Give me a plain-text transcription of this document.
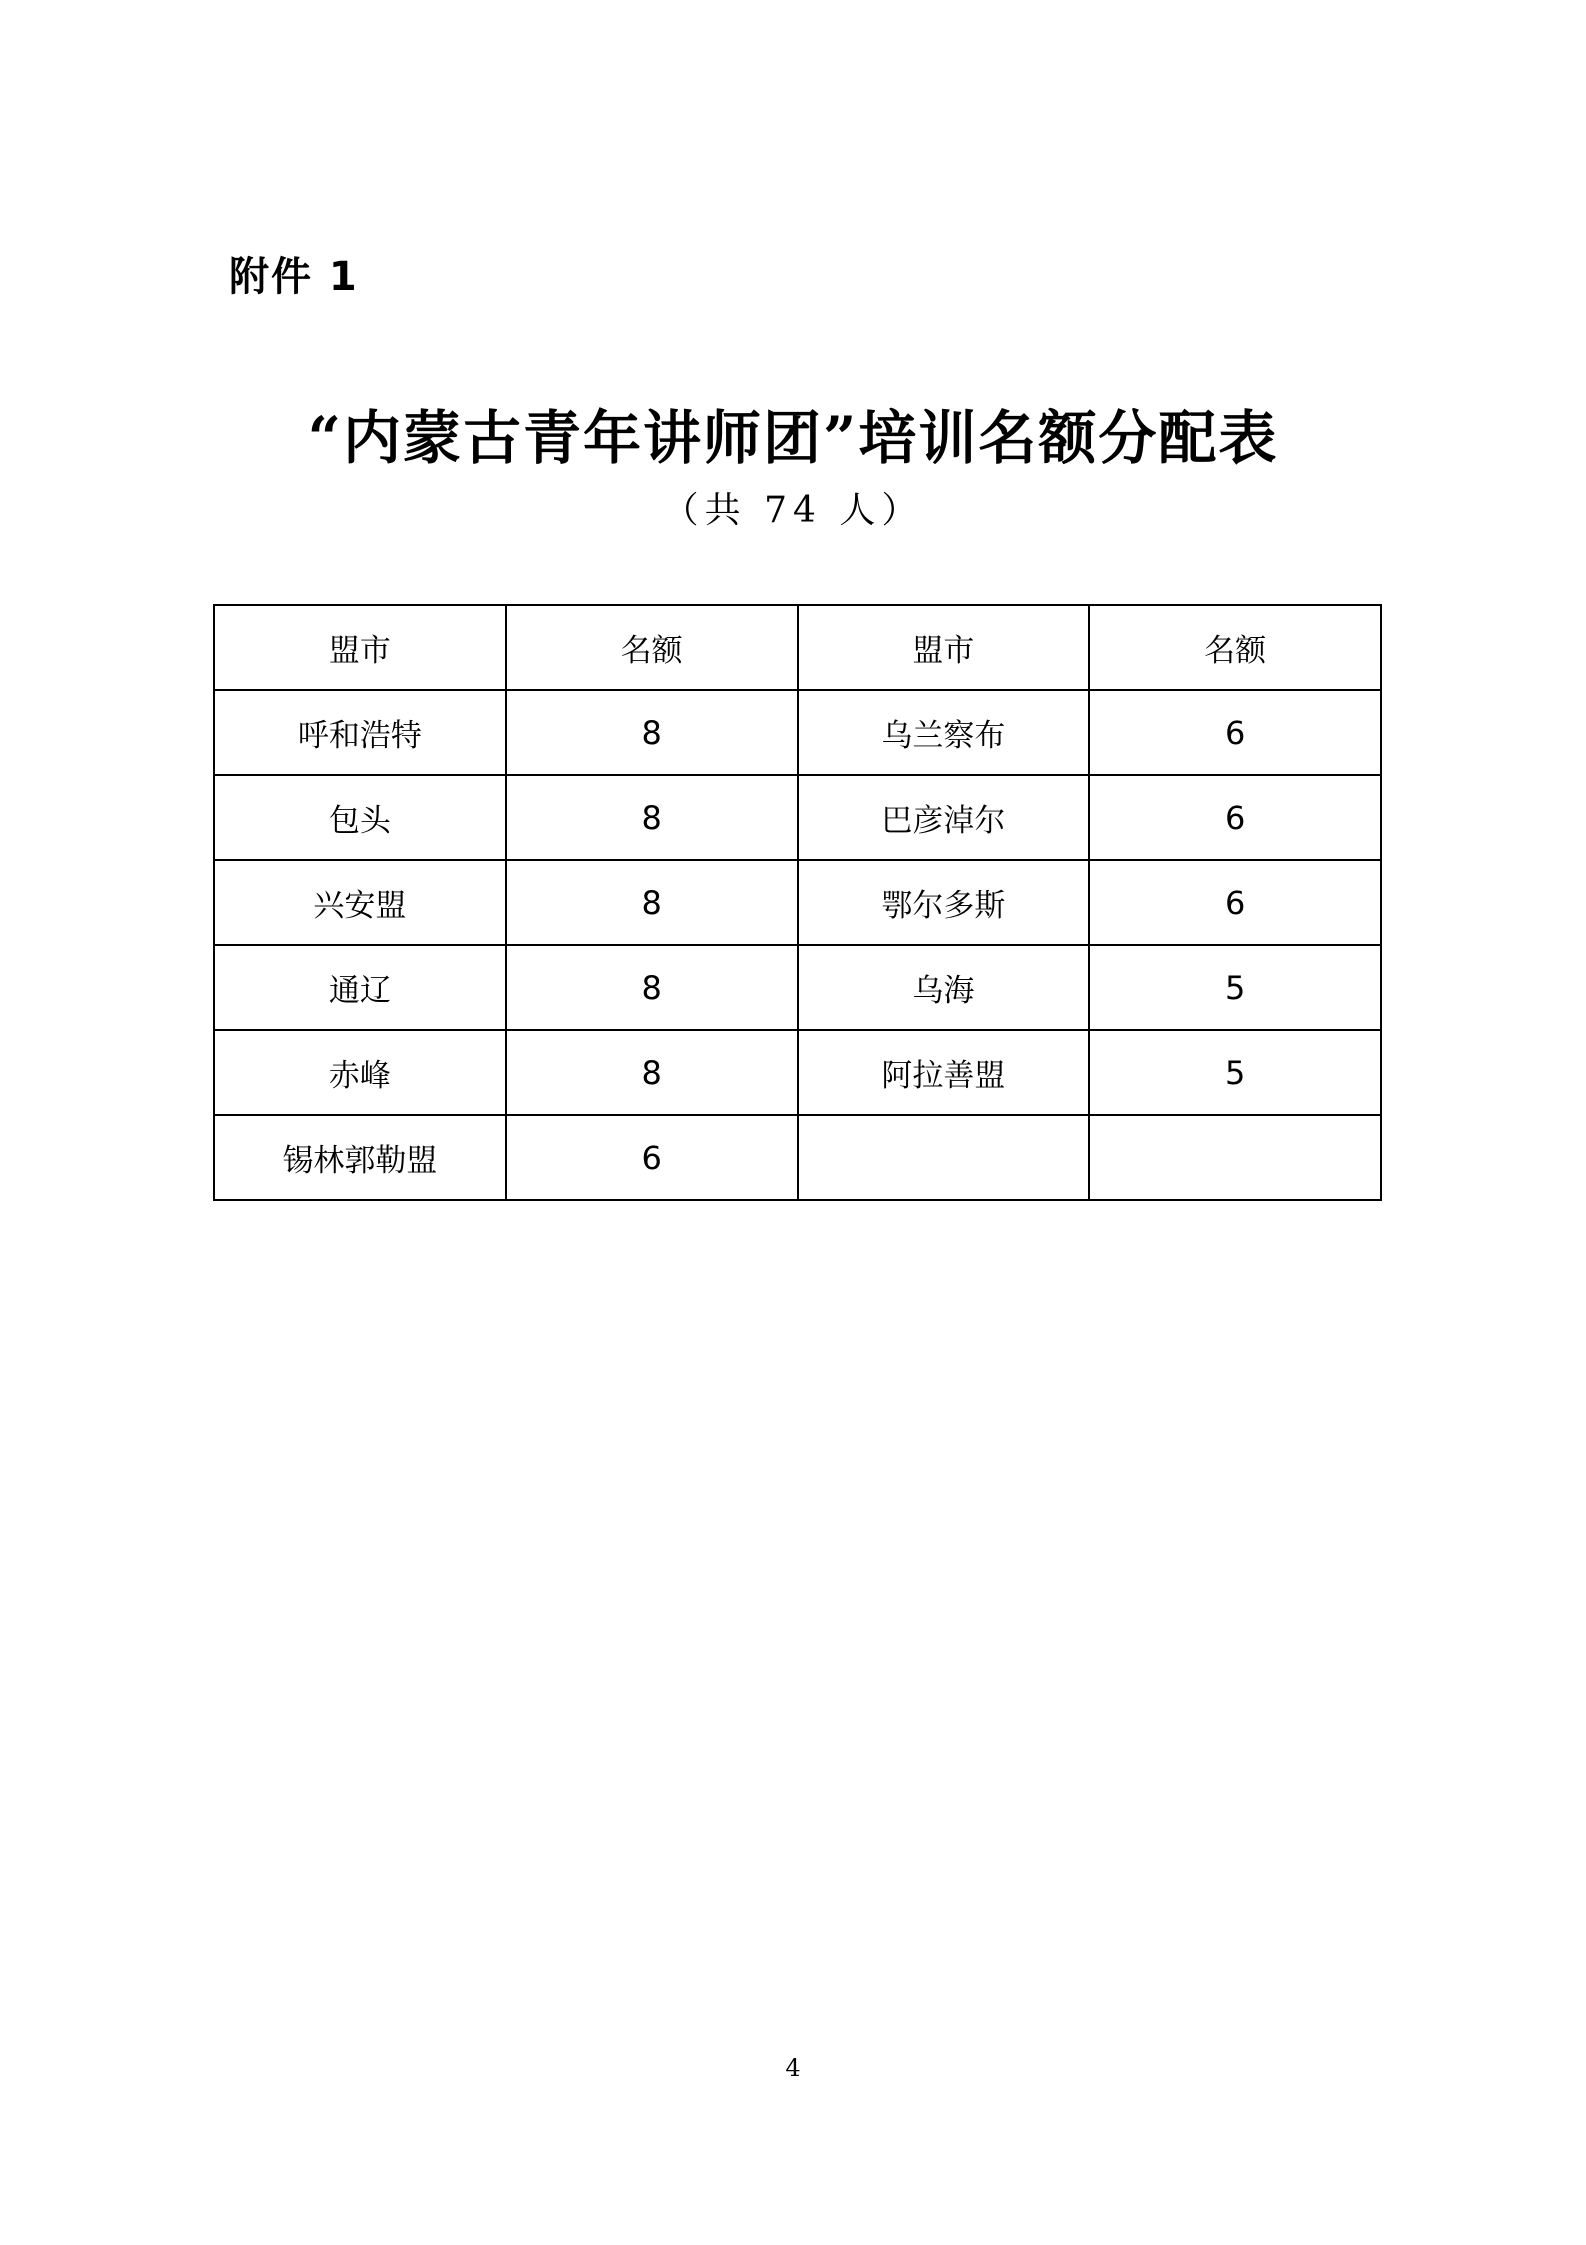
附件 1
“内蒙古青年讲师团”培训名额分配表
（共 74 人）
盟市	名额	盟市	名额
呼和浩特	8	乌兰察布	6
包头	8	巴彦淖尔	6
兴安盟	8	鄂尔多斯	6
通辽	8	乌海	5
赤峰	8	阿拉善盟	5
锡林郭勒盟	6		
4
